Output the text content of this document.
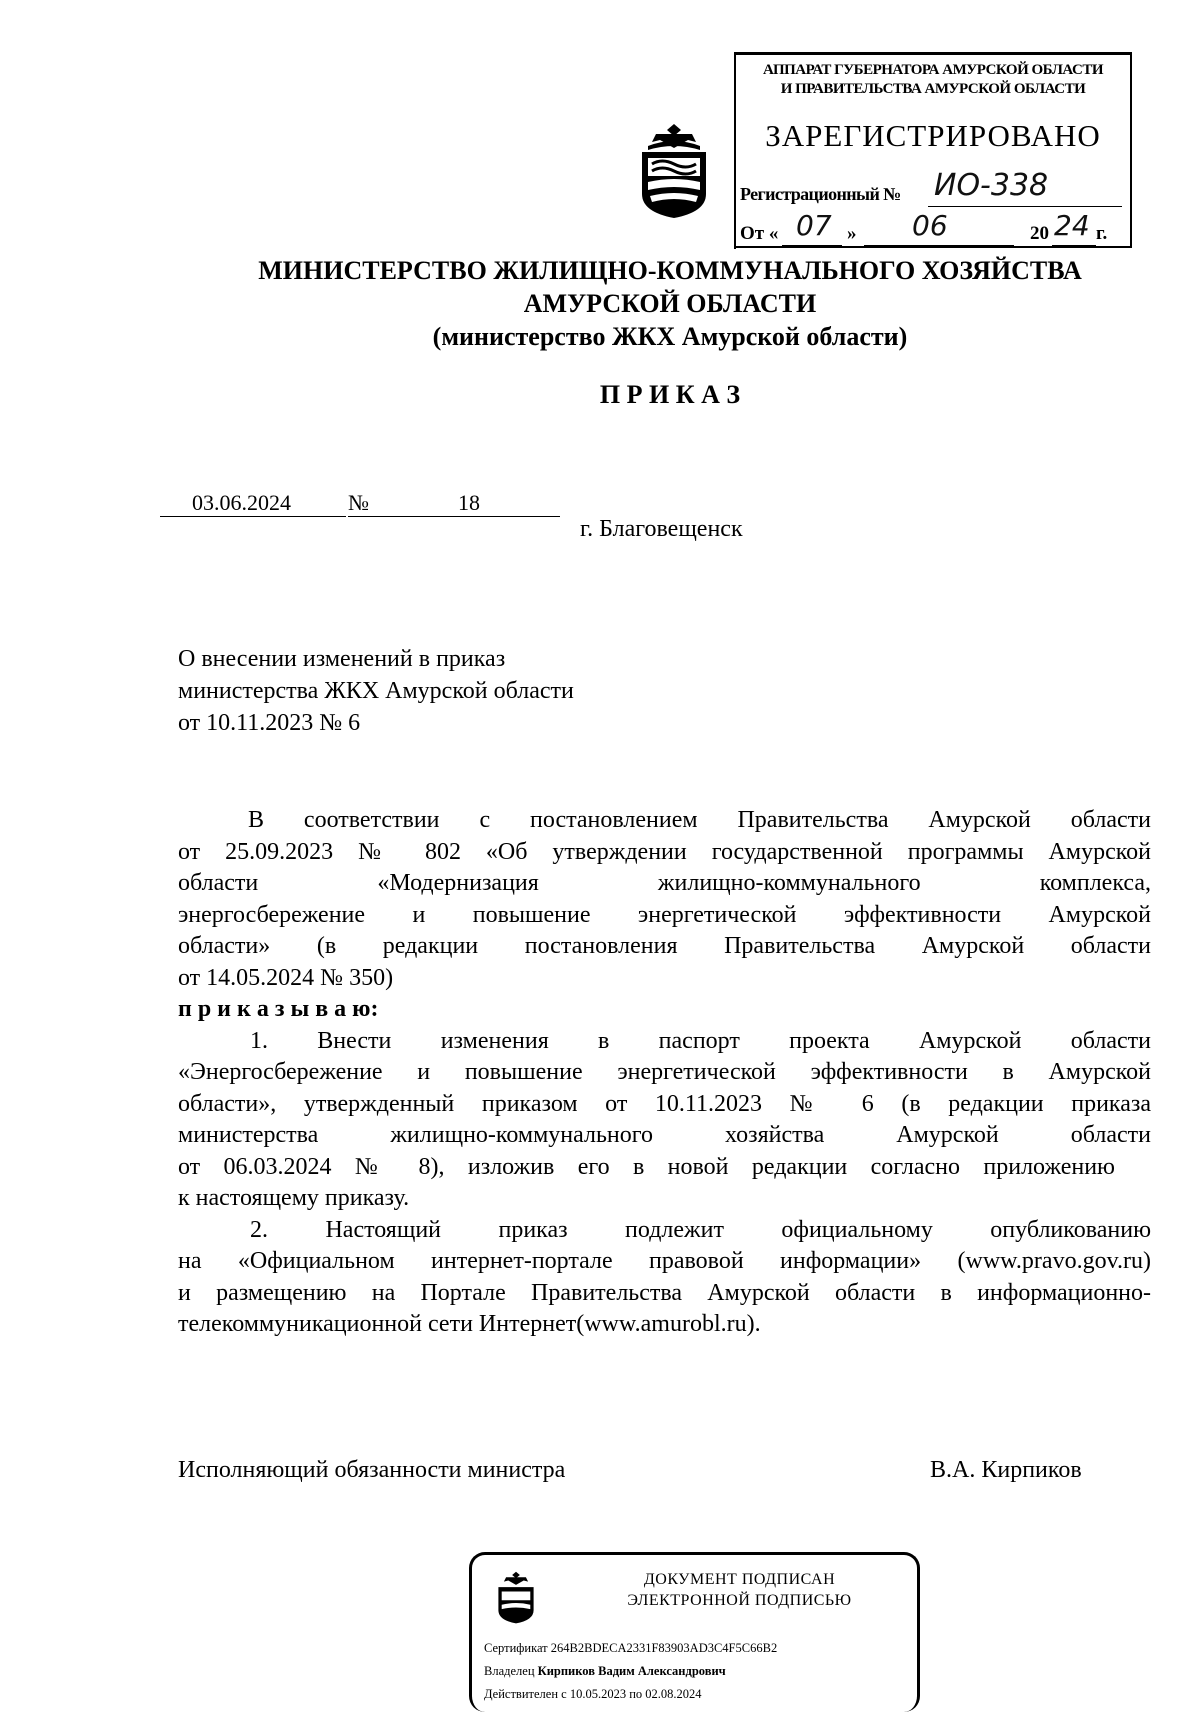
АППАРАТ ГУБЕРНАТОРА АМУРСКОЙ ОБЛАСТИ
И ПРАВИТЕЛЬСТВА АМУРСКОЙ ОБЛАСТИ
ЗАРЕГИСТРИРОВАНО
Регистрационный № ИО-338
От « 07 » 06	20 24 г.
МИНИСТЕРСТВО ЖИЛИЩНО-КОММУНАЛЬНОГО ХОЗЯЙСТВА
АМУРСКОЙ ОБЛАСТИ
(министерство ЖКХ Амурской области)
П Р И К А З
03.06.2024	№	18
г. Благовещенск
О внесении изменений в приказ
министерства ЖКХ Амурской области
от 10.11.2023 № 6
В соответствии с постановлением Правительства Амурской области
от 25.09.2023 № 802 «Об утверждении государственной программы Амурской
области «Модернизация жилищно-коммунального комплекса,
энергосбережение и повышение энергетической эффективности Амурской
области» (в редакции постановления Правительства Амурской области
от 14.05.2024 № 350)
п р и к а з ы в а ю:
1. Внести изменения в паспорт проекта Амурской области
«Энергосбережение и повышение энергетической эффективности в Амурской
области», утвержденный приказом от 10.11.2023 № 6 (в редакции приказа
министерства жилищно-коммунального хозяйства Амурской области
от 06.03.2024 № 8), изложив его в новой редакции согласно приложению
к настоящему приказу.
2. Настоящий приказ подлежит официальному опубликованию
на «Официальном интернет-портале правовой информации» (www.pravo.gov.ru)
и размещению на Портале Правительства Амурской области в информационно-
телекоммуникационной сети Интернет(www.amurobl.ru).
Исполняющий обязанности министра	В.А. Кирпиков
ДОКУМЕНТ ПОДПИСАН
ЭЛЕКТРОННОЙ ПОДПИСЬЮ
Сертификат 264B2BDECA2331F83903AD3C4F5C66B2
Владелец Кирпиков Вадим Александрович
Действителен с 10.05.2023 по 02.08.2024
